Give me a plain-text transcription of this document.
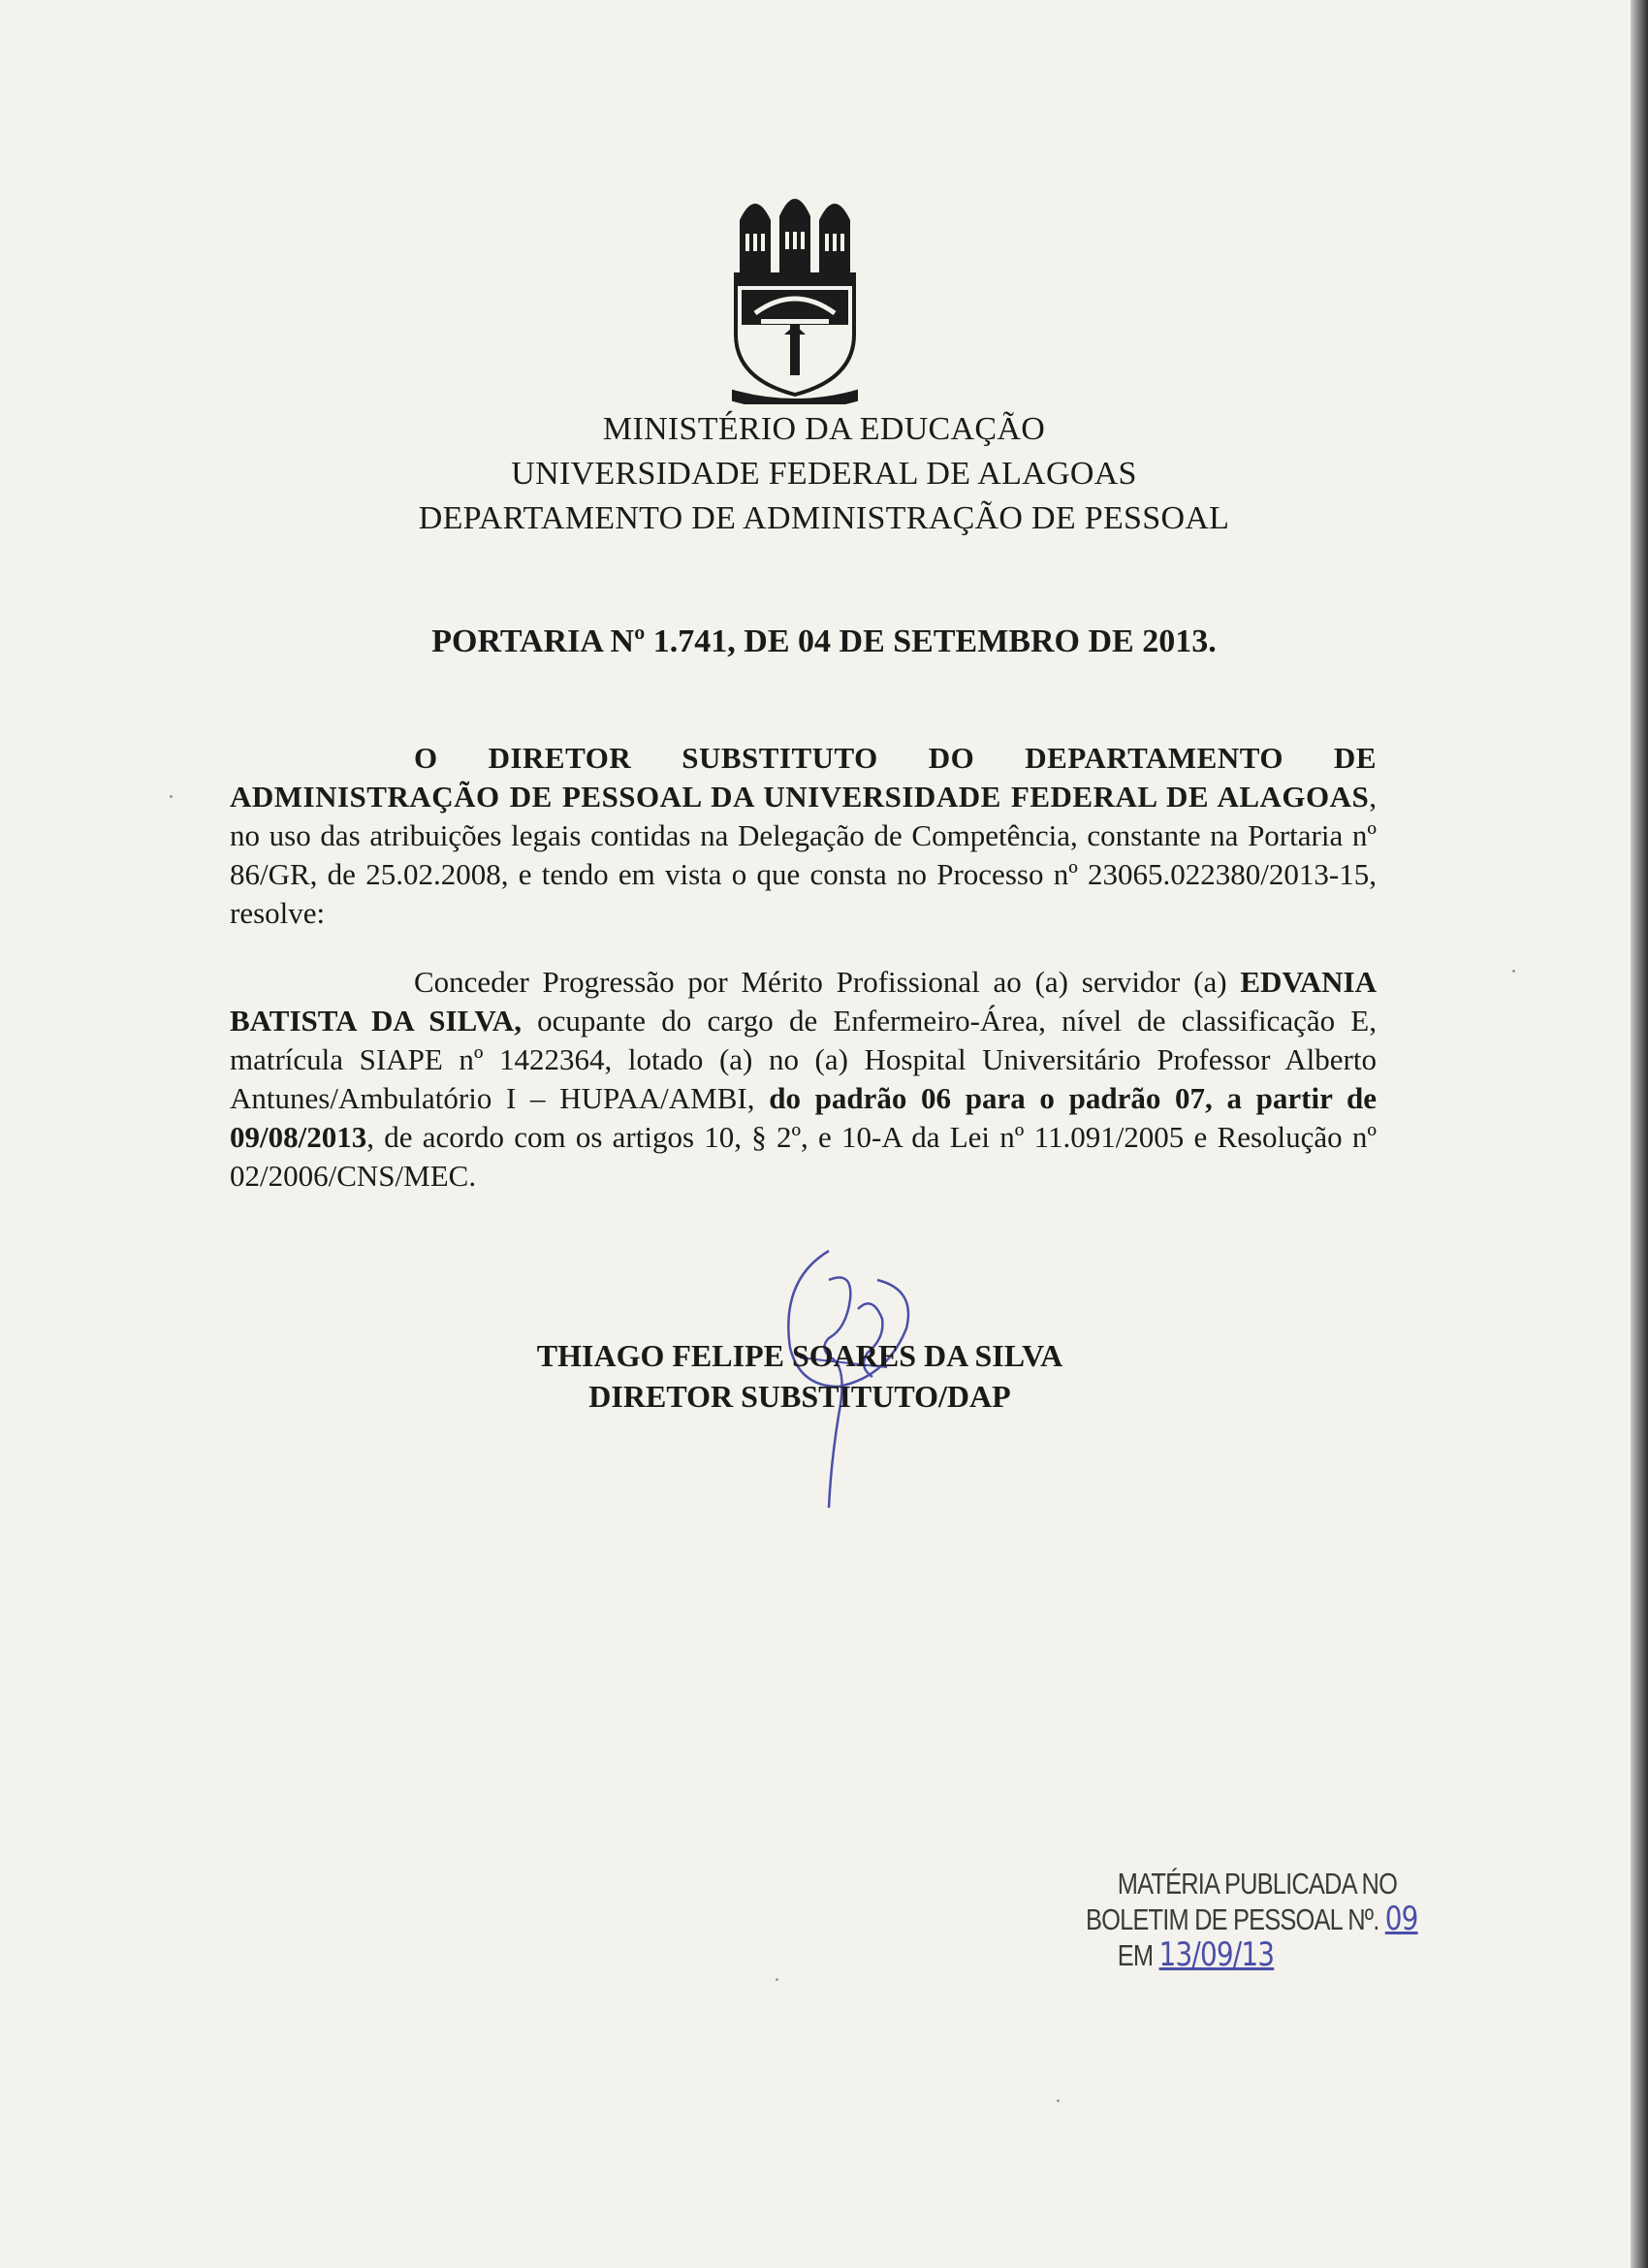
MINISTÉRIO DA EDUCAÇÃO
UNIVERSIDADE FEDERAL DE ALAGOAS
DEPARTAMENTO DE ADMINISTRAÇÃO DE PESSOAL
PORTARIA Nº 1.741, DE 04 DE SETEMBRO DE 2013.
O DIRETOR SUBSTITUTO DO DEPARTAMENTO DE ADMINISTRAÇÃO DE PESSOAL DA UNIVERSIDADE FEDERAL DE ALAGOAS, no uso das atribuições legais contidas na Delegação de Competência, constante na Portaria nº 86/GR, de 25.02.2008, e tendo em vista o que consta no Processo nº 23065.022380/2013-15, resolve:
Conceder Progressão por Mérito Profissional ao (a) servidor (a) EDVANIA BATISTA DA SILVA, ocupante do cargo de Enfermeiro-Área, nível de classificação E, matrícula SIAPE nº 1422364, lotado (a) no (a) Hospital Universitário Professor Alberto Antunes/Ambulatório I – HUPAA/AMBI, do padrão 06 para o padrão 07, a partir de 09/08/2013, de acordo com os artigos 10, § 2º, e 10-A da Lei nº 11.091/2005 e Resolução nº 02/2006/CNS/MEC.
THIAGO FELIPE SOARES DA SILVA
DIRETOR SUBSTITUTO/DAP
MATÉRIA PUBLICADA NO
BOLETIM DE PESSOAL Nº. 09
EM 13/09/13
